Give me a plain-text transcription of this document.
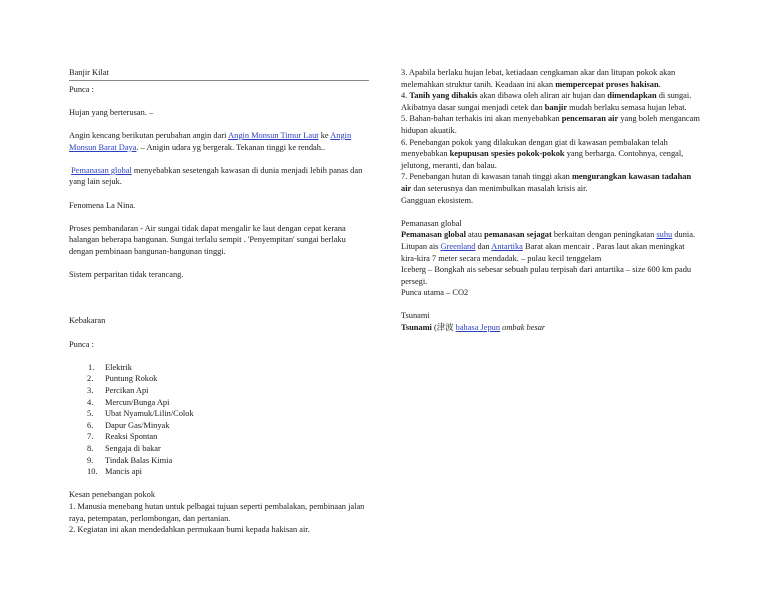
Banjir Kilat

Punca :

Hujan yang berterusan. –

Angin kencang berikutan perubahan angin dari Angin Monsun Timur Laut ke Angin Monsun Barat Daya. – Anigin udara yg bergerak. Tekanan tinggi ke rendah..

Pemanasan global menyebabkan sesetengah kawasan di dunia menjadi lebih panas dan yang lain sejuk.

Fenomena La Nina.

Proses pembandaran - Air sungai tidak dapat mengalir ke laut dengan cepat kerana halangan beberapa bangunan. Sungai terlalu sempit . 'Penyempitan' sungai berlaku dengan pembinaan bangunan-bangunan tinggi.

Sistem perparitan tidak terancang.

Kebakaran

Punca :

1. Elektrik
2. Puntung Rokok
3. Percikan Api
4. Mercun/Bunga Api
5. Ubat Nyamuk/Lilin/Colok
6. Dapur Gas/Minyak
7. Reaksi Spontan
8. Sengaja di bakar
9. Tindak Balas Kimia
10. Mancis api

Kesan penebangan pokok

1. Manusia menebang hutan untuk pelbagai tujuan seperti pembalakan, pembinaan jalan raya, petempatan, perlombongan, dan pertanian.

2. Kegiatan ini akan mendedahkan permukaan bumi kepada hakisan air.

3. Apabila berlaku hujan lebat, ketiadaan cengkaman akar dan litupan pokok akan melemahkan struktur tanih. Keadaan ini akan mempercepat proses hakisan.

4. Tanih yang dihakis akan dibawa oleh aliran air hujan dan dimendapkan di sungai. Akibatnya dasar sungai menjadi cetek dan banjir mudah berlaku semasa hujan lebat.

5. Bahan-bahan terhakis ini akan menyebabkan pencemaran air yang boleh mengancam hidupan akuatik.

6. Penebangan pokok yang dilakukan dengan giat di kawasan pembalakan telah menyebabkan kepupusan spesies pokok-pokok yang berharga. Contohnya, cengal, jelutong, meranti, dan balau.

7. Penebangan hutan di kawasan tanah tinggi akan mengurangkan kawasan tadahan air dan seterusnya dan menimbulkan masalah krisis air.

Gangguan ekosistem.

Pemanasan global

Pemanasan global atau pemanasan sejagat berkaitan dengan peningkatan suhu dunia.

Litupan ais Greenland dan Antartika Barat akan mencair . Paras laut akan meningkat kira-kira 7 meter secara mendadak. – pulau kecil tenggelam

Iceberg – Bongkah ais sebesar sebuah pulau terpisah dari antartika – size 600 km padu persegi.

Punca utama – CO2

Tsunami

Tsunami (津波 bahasa Jepun ombak besar
